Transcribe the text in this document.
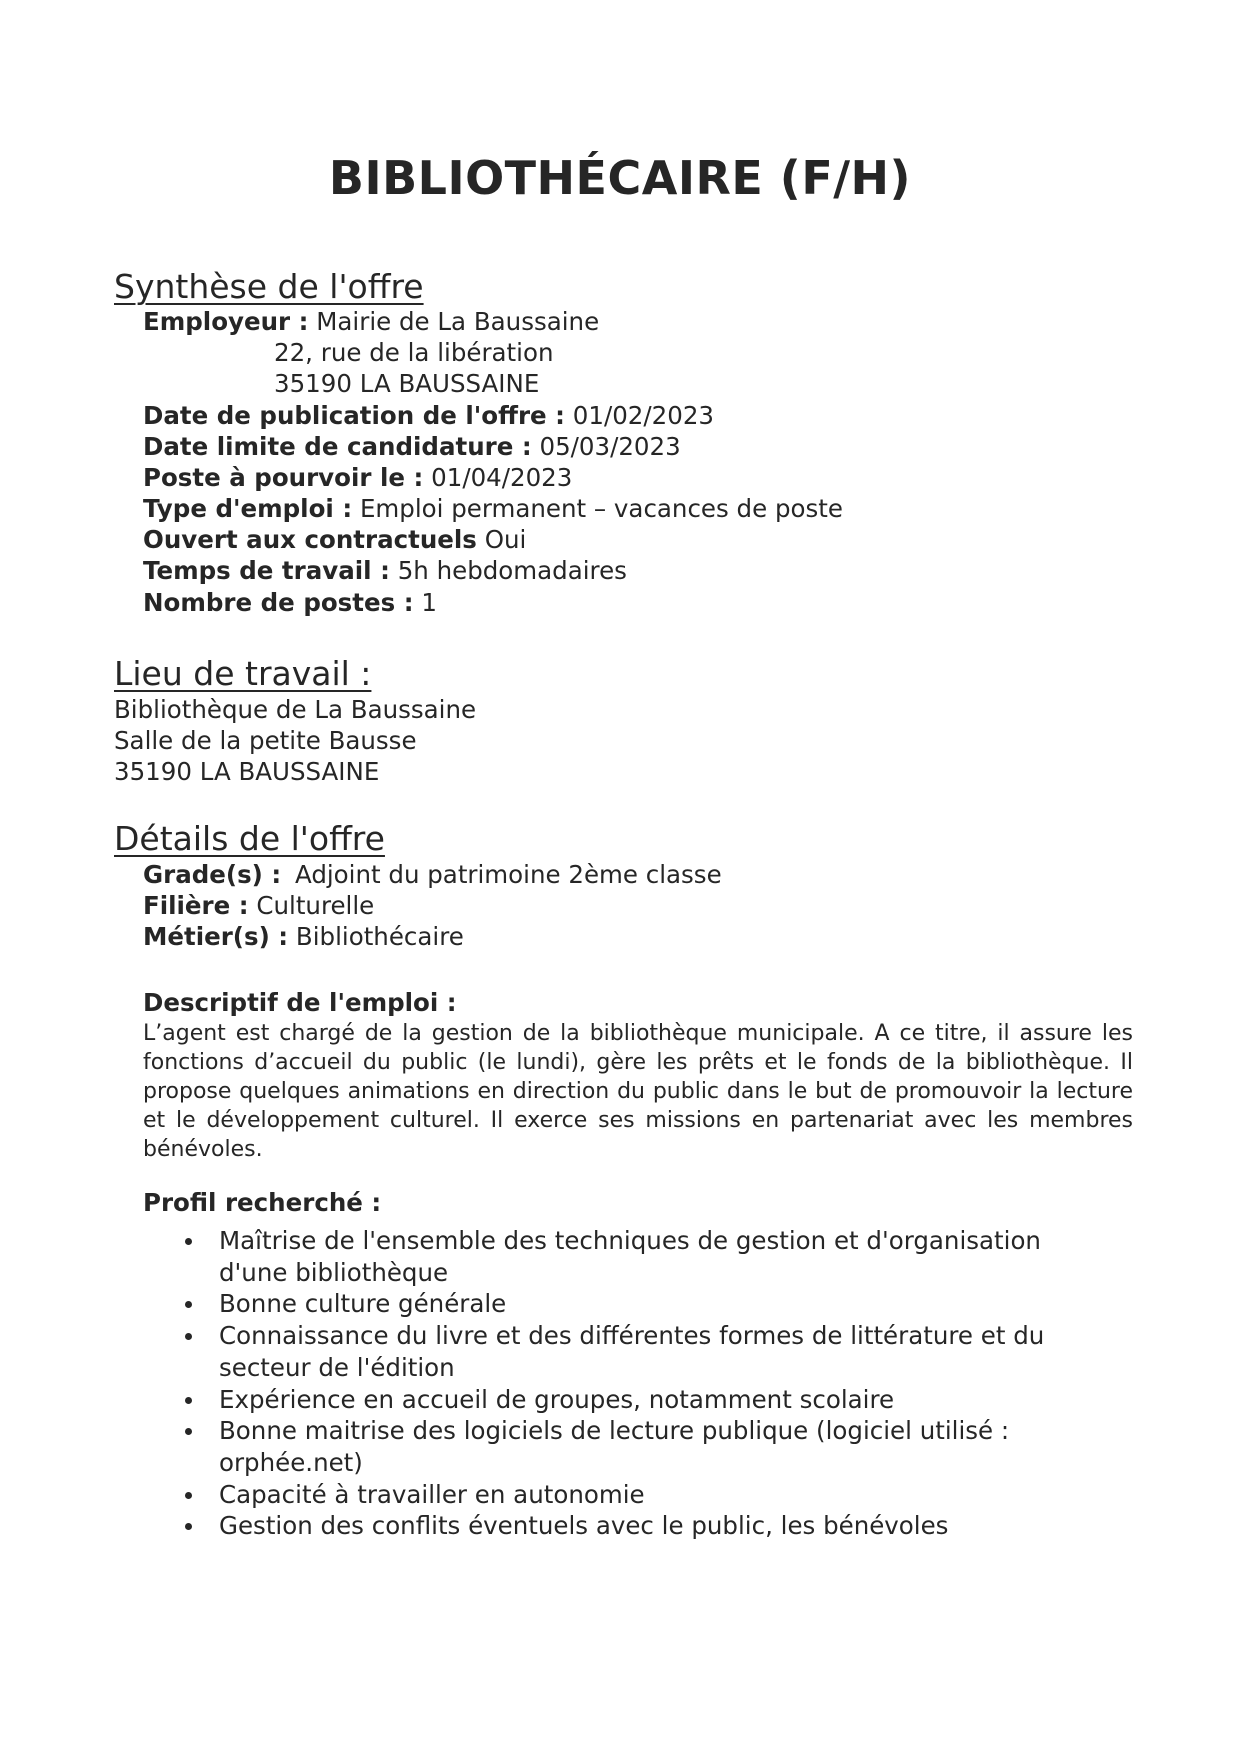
BIBLIOTHÉCAIRE (F/H)
Synthèse de l'offre
Employeur : Mairie de La Baussaine
22, rue de la libération
35190 LA BAUSSAINE
Date de publication de l'offre : 01/02/2023
Date limite de candidature : 05/03/2023
Poste à pourvoir le : 01/04/2023
Type d'emploi : Emploi permanent – vacances de poste
Ouvert aux contractuels Oui
Temps de travail : 5h hebdomadaires
Nombre de postes : 1
Lieu de travail :
Bibliothèque de La Baussaine
Salle de la petite Bausse
35190 LA BAUSSAINE
Détails de l'offre
Grade(s) : Adjoint du patrimoine 2ème classe
Filière : Culturelle
Métier(s) : Bibliothécaire
Descriptif de l'emploi :
L’agent est chargé de la gestion de la bibliothèque municipale. A ce titre, il assure les fonctions d’accueil du public (le lundi), gère les prêts et le fonds de la bibliothèque. Il propose quelques animations en direction du public dans le but de promouvoir la lecture et le développement culturel. Il exerce ses missions en partenariat avec les membres bénévoles.
Profil recherché :
Maîtrise de l'ensemble des techniques de gestion et d'organisation d'une bibliothèque
Bonne culture générale
Connaissance du livre et des différentes formes de littérature et du secteur de l'édition
Expérience en accueil de groupes, notamment scolaire
Bonne maitrise des logiciels de lecture publique (logiciel utilisé : orphée.net)
Capacité à travailler en autonomie
Gestion des conflits éventuels avec le public, les bénévoles
